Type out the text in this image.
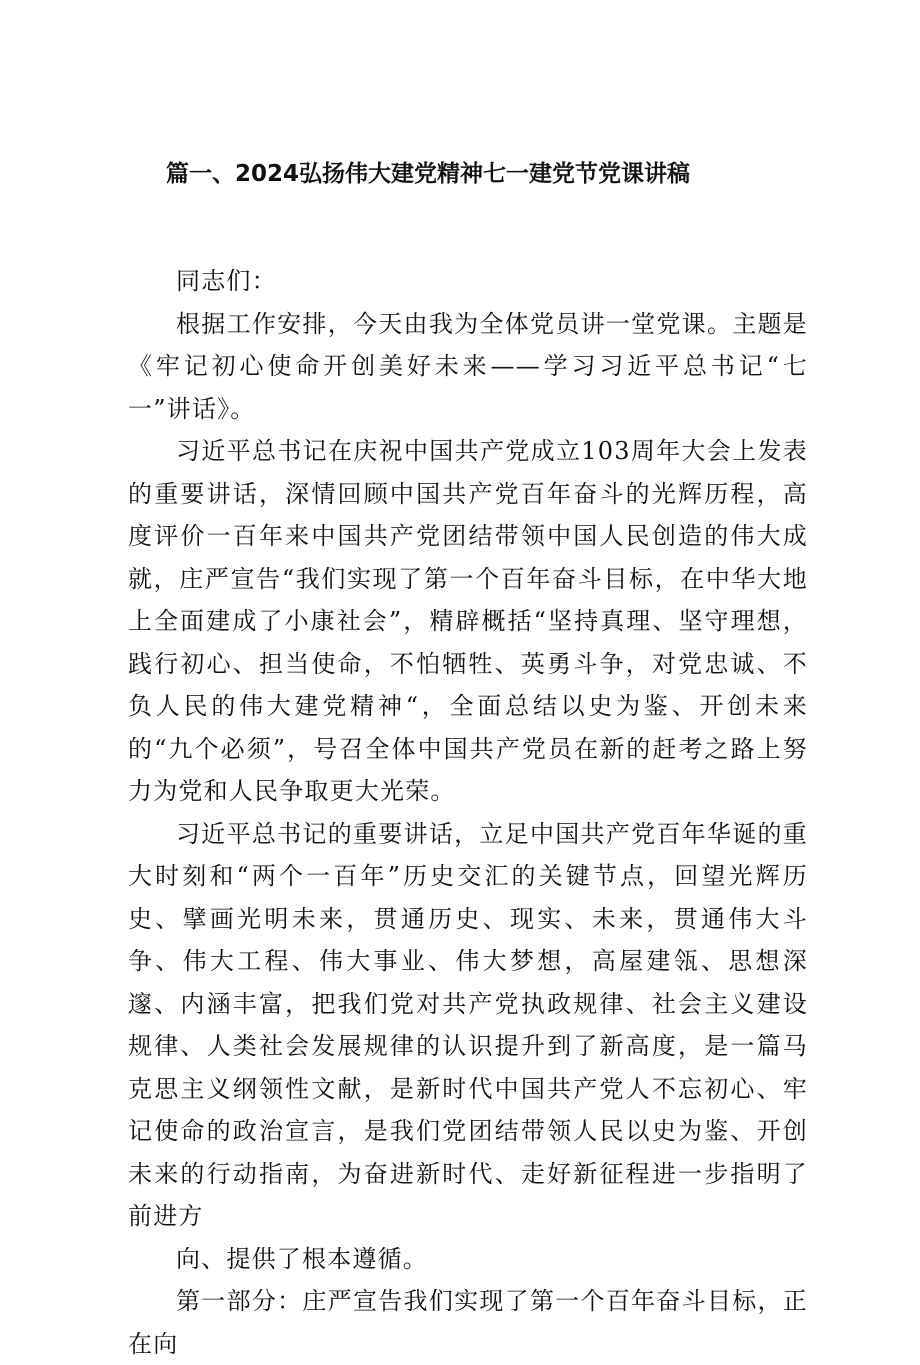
篇一、2024弘扬伟大建党精神七一建党节党课讲稿

同志们：

根据工作安排，今天由我为全体党员讲一堂党课。主题是《牢记初心使命开创美好未来——学习习近平总书记“七一”讲话》。

习近平总书记在庆祝中国共产党成立103周年大会上发表的重要讲话，深情回顾中国共产党百年奋斗的光辉历程，高度评价一百年来中国共产党团结带领中国人民创造的伟大成就，庄严宣告“我们实现了第一个百年奋斗目标，在中华大地上全面建成了小康社会”，精辟概括“坚持真理、坚守理想，践行初心、担当使命，不怕牺牲、英勇斗争，对党忠诚、不负人民的伟大建党精神“，全面总结以史为鉴、开创未来的“九个必须”，号召全体中国共产党员在新的赶考之路上努力为党和人民争取更大光荣。

习近平总书记的重要讲话，立足中国共产党百年华诞的重大时刻和“两个一百年”历史交汇的关键节点，回望光辉历史、擘画光明未来，贯通历史、现实、未来，贯通伟大斗争、伟大工程、伟大事业、伟大梦想，高屋建瓴、思想深邃、内涵丰富，把我们党对共产党执政规律、社会主义建设规律、人类社会发展规律的认识提升到了新高度，是一篇马克思主义纲领性文献，是新时代中国共产党人不忘初心、牢记使命的政治宣言，是我们党团结带领人民以史为鉴、开创未来的行动指南，为奋进新时代、走好新征程进一步指明了前进方

向、提供了根本遵循。

第一部分：庄严宣告我们实现了第一个百年奋斗目标，正在向
